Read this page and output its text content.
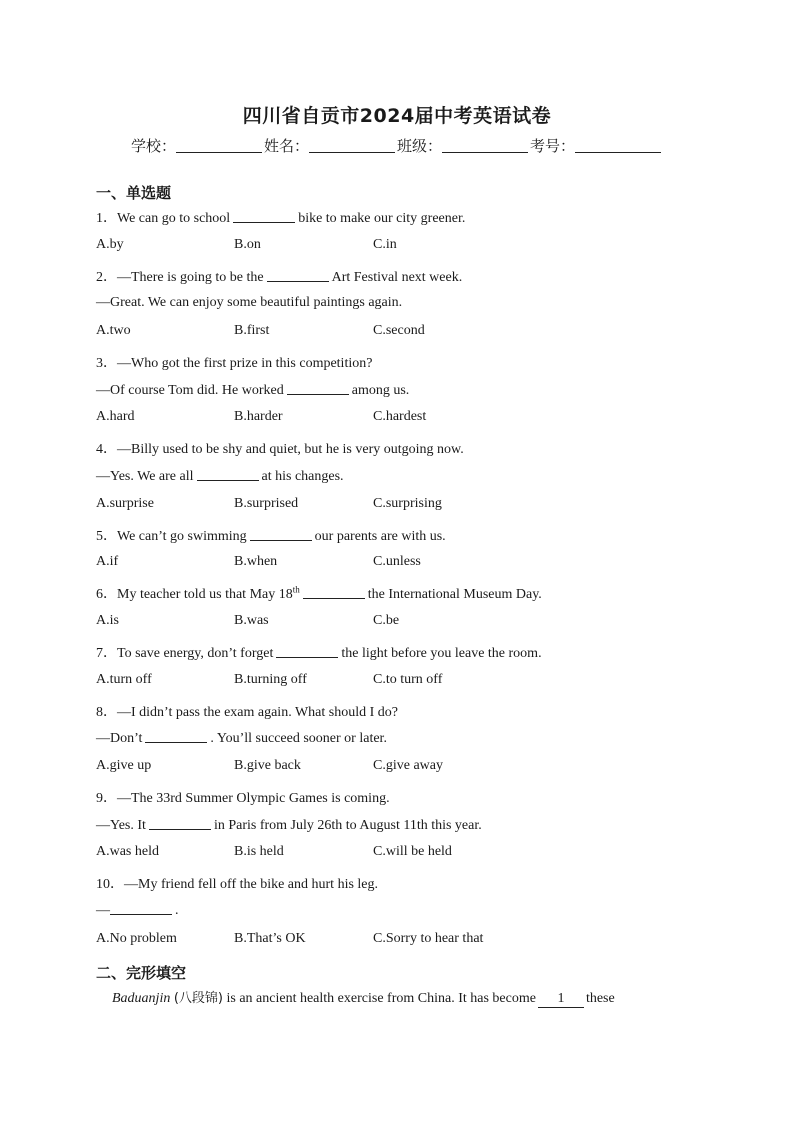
四川省自贡市2024届中考英语试卷
学校：	姓名：	班级：	考号：
一、单选题
1．We can go to school	bike to make our city greener.
A.by	B.on	C.in
2．—There is going to be the	Art Festival next week.
—Great. We can enjoy some beautiful paintings again.
A.two	B.first	C.second
3．—Who got the first prize in this competition?
—Of course Tom did. He worked	among us.
A.hard	B.harder	C.hardest
4．—Billy used to be shy and quiet, but he is very outgoing now.
—Yes. We are all	at his changes.
A.surprise	B.surprised	C.surprising
5．We can’t go swimming	our parents are with us.
A.if	B.when	C.unless
6．My teacher told us that May 18th	the International Museum Day.
A.is	B.was	C.be
7．To save energy, don’t forget	the light before you leave the room.
A.turn off	B.turning off	C.to turn off
8．—I didn’t pass the exam again. What should I do?
—Don’t	. You’ll succeed sooner or later.
A.give up	B.give back	C.give away
9．—The 33rd Summer Olympic Games is coming.
—Yes. It	in Paris from July 26th to August 11th this year.
A.was held	B.is held	C.will be held
10．—My friend fell off the bike and hurt his leg.
—	.
A.No problem	B.That’s OK	C.Sorry to hear that
二、完形填空
Baduanjin (八段锦) is an ancient health exercise from China. It has become 1 these
